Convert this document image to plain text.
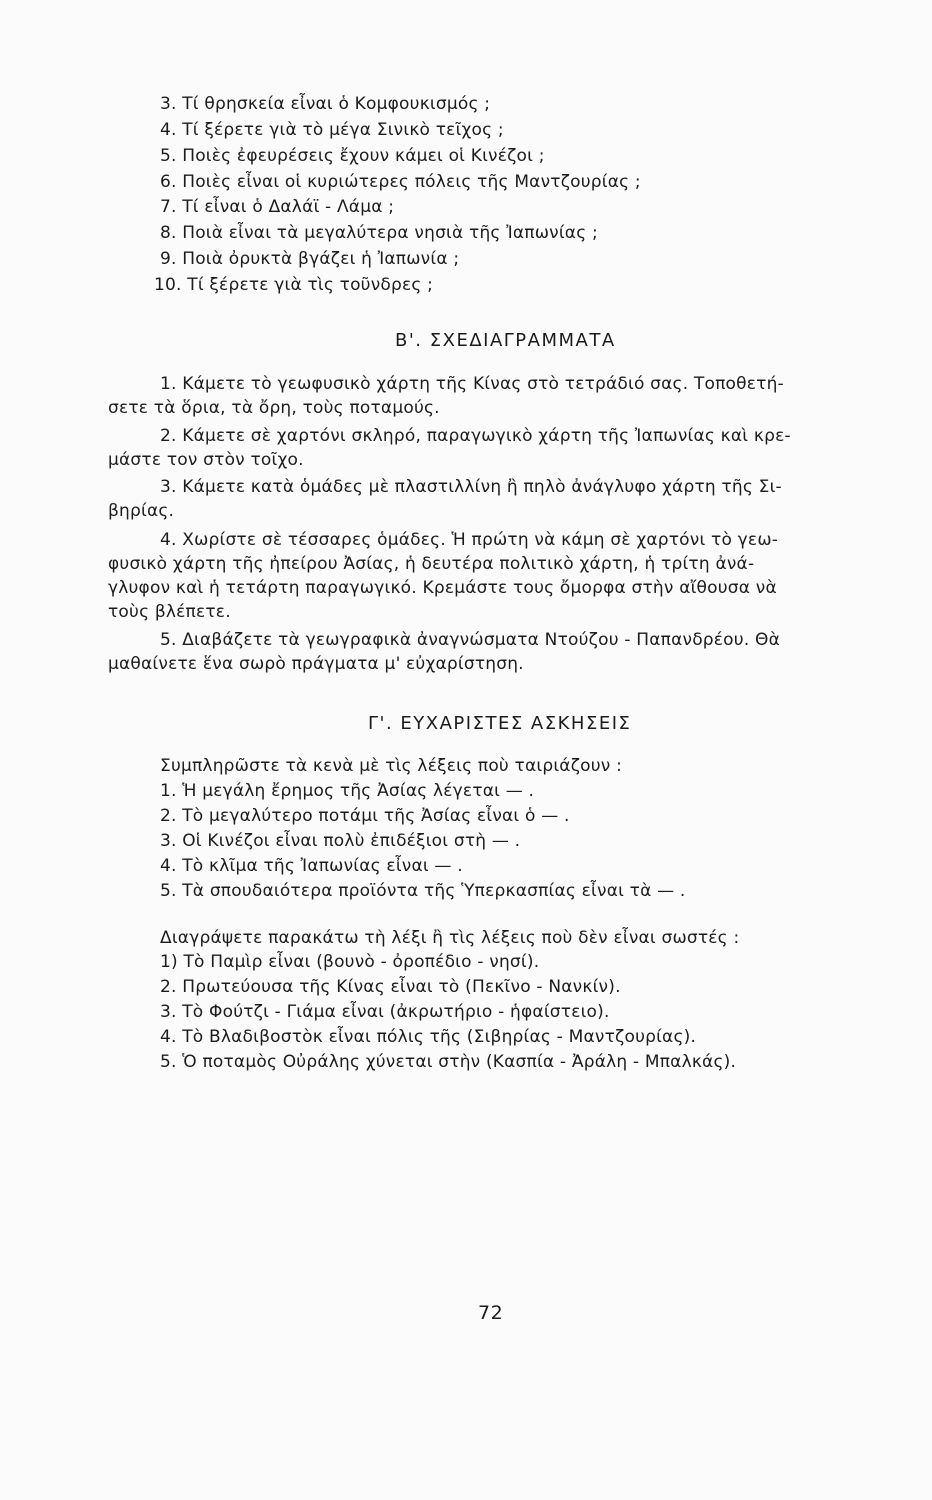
3. Τί θρησκεία εἶναι ὁ Κομφουκισμός ;
4. Τί ξέρετε γιὰ τὸ μέγα Σινικὸ τεῖχος ;
5. Ποιὲς ἐφευρέσεις ἔχουν κάμει οἱ Κινέζοι ;
6. Ποιὲς εἶναι οἱ κυριώτερες πόλεις τῆς Μαντζουρίας ;
7. Τί εἶναι ὁ Δαλάϊ - Λάμα ;
8. Ποιὰ εἶναι τὰ μεγαλύτερα νησιὰ τῆς Ἰαπωνίας ;
9. Ποιὰ ὀρυκτὰ βγάζει ἡ Ἰαπωνία ;
10. Τί ξέρετε γιὰ τὶς τοῦνδρες ;
Β'. ΣΧΕΔΙΑΓΡΑΜΜΑΤΑ
1. Κάμετε τὸ γεωφυσικὸ χάρτη τῆς Κίνας στὸ τετράδιό σας. Τοποθετή-
σετε τὰ ὅρια, τὰ ὄρη, τοὺς ποταμούς.
2. Κάμετε σὲ χαρτόνι σκληρό, παραγωγικὸ χάρτη τῆς Ἰαπωνίας καὶ κρε-
μάστε τον στὸν τοῖχο.
3. Κάμετε κατὰ ὁμάδες μὲ πλαστιλλίνη ἢ πηλὸ ἀνάγλυφο χάρτη τῆς Σι-
βηρίας.
4. Χωρίστε σὲ τέσσαρες ὁμάδες. Ἡ πρώτη νὰ κάμη σὲ χαρτόνι τὸ γεω-
φυσικὸ χάρτη τῆς ἠπείρου Ἀσίας, ἡ δευτέρα πολιτικὸ χάρτη, ἡ τρίτη ἀνά-
γλυφον καὶ ἡ τετάρτη παραγωγικό. Κρεμάστε τους ὄμορφα στὴν αἴθουσα νὰ
τοὺς βλέπετε.
5. Διαβάζετε τὰ γεωγραφικὰ ἀναγνώσματα Ντούζου - Παπανδρέου. Θὰ
μαθαίνετε ἕνα σωρὸ πράγματα μ' εὐχαρίστηση.
Γ'. ΕΥΧΑΡΙΣΤΕΣ ΑΣΚΗΣΕΙΣ
Συμπληρῶστε τὰ κενὰ μὲ τὶς λέξεις ποὺ ταιριάζουν :
1. Ἡ μεγάλη ἔρημος τῆς Ἀσίας λέγεται — .
2. Τὸ μεγαλύτερο ποτάμι τῆς Ἀσίας εἶναι ὁ — .
3. Οἱ Κινέζοι εἶναι πολὺ ἐπιδέξιοι στὴ — .
4. Τὸ κλῖμα τῆς Ἰαπωνίας εἶναι — .
5. Τὰ σπουδαιότερα προϊόντα τῆς Ὑπερκασπίας εἶναι τὰ — .
Διαγράψετε παρακάτω τὴ λέξι ἢ τὶς λέξεις ποὺ δὲν εἶναι σωστές :
1) Τὸ Παμὶρ εἶναι (βουνὸ - ὀροπέδιο - νησί).
2. Πρωτεύουσα τῆς Κίνας εἶναι τὸ (Πεκῖνο - Νανκίν).
3. Τὸ Φούτζι - Γιάμα εἶναι (ἀκρωτήριο - ἡφαίστειο).
4. Τὸ Βλαδιβοστὸκ εἶναι πόλις τῆς (Σιβηρίας - Μαντζουρίας).
5. Ὁ ποταμὸς Οὐράλης χύνεται στὴν (Κασπία - Ἀράλη - Μπαλκάς).
72
